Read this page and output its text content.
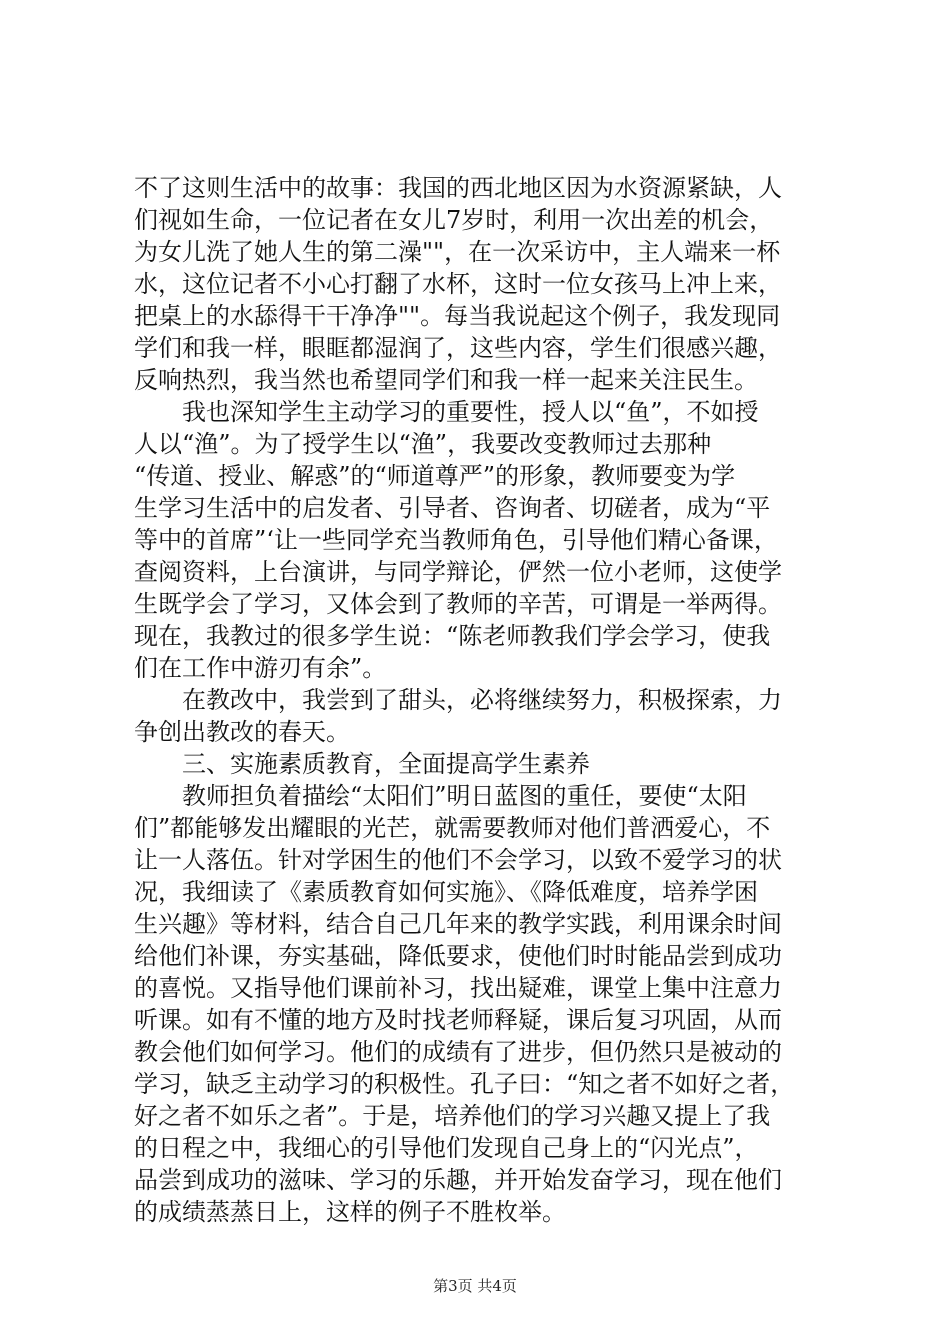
不了这则生活中的故事：我国的西北地区因为水资源紧缺，人
们视如生命，一位记者在女儿7岁时，利用一次出差的机会，
为女儿洗了她人生的第二澡""，在一次采访中，主人端来一杯
水，这位记者不小心打翻了水杯，这时一位女孩马上冲上来，
把桌上的水舔得干干净净""。每当我说起这个例子，我发现同
学们和我一样，眼眶都湿润了，这些内容，学生们很感兴趣，
反响热烈，我当然也希望同学们和我一样一起来关注民生。
　　我也深知学生主动学习的重要性，授人以“鱼”，不如授
人以“渔”。为了授学生以“渔”，我要改变教师过去那种
“传道、授业、解惑”的“师道尊严”的形象，教师要变为学
生学习生活中的启发者、引导者、咨询者、切磋者，成为“平
等中的首席”‘让一些同学充当教师角色，引导他们精心备课，
查阅资料，上台演讲，与同学辩论，俨然一位小老师，这使学
生既学会了学习，又体会到了教师的辛苦，可谓是一举两得。
现在，我教过的很多学生说：“陈老师教我们学会学习，使我
们在工作中游刃有余”。
　　在教改中，我尝到了甜头，必将继续努力，积极探索，力
争创出教改的春天。
　　三、实施素质教育，全面提高学生素养
　　教师担负着描绘“太阳们”明日蓝图的重任，要使“太阳
们”都能够发出耀眼的光芒，就需要教师对他们普洒爱心，不
让一人落伍。针对学困生的他们不会学习，以致不爱学习的状
况，我细读了《素质教育如何实施》、《降低难度，培养学困
生兴趣》等材料，结合自己几年来的教学实践，利用课余时间
给他们补课，夯实基础，降低要求，使他们时时能品尝到成功
的喜悦。又指导他们课前补习，找出疑难，课堂上集中注意力
听课。如有不懂的地方及时找老师释疑，课后复习巩固，从而
教会他们如何学习。他们的成绩有了进步，但仍然只是被动的
学习，缺乏主动学习的积极性。孔子曰：“知之者不如好之者，
好之者不如乐之者”。于是，培养他们的学习兴趣又提上了我
的日程之中，我细心的引导他们发现自己身上的“闪光点”，
品尝到成功的滋味、学习的乐趣，并开始发奋学习，现在他们
的成绩蒸蒸日上，这样的例子不胜枚举。
第3页 共4页
